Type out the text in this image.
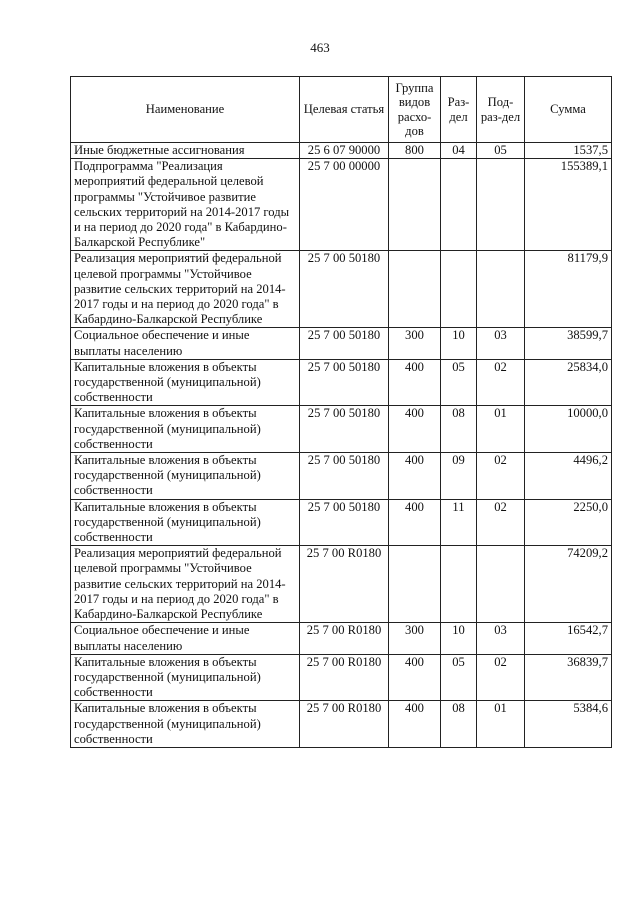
463
Наименование	Целевая статья	Группа видов расхо-дов	Раз-дел	Под-раз-дел	Сумма
Иные бюджетные ассигнования	25 6 07 90000	800	04	05	1537,5
Подпрограмма "Реализация мероприятий федеральной целевой программы "Устойчивое развитие сельских территорий на 2014-2017 годы и на период до 2020 года" в Кабардино-Балкарской Республике"	25 7 00 00000				155389,1
Реализация мероприятий федеральной целевой программы "Устойчивое развитие сельских территорий на 2014-2017 годы и на период до 2020 года" в Кабардино-Балкарской Республике	25 7 00 50180				81179,9
Социальное обеспечение и иные выплаты населению	25 7 00 50180	300	10	03	38599,7
Капитальные вложения в объекты государственной (муниципальной) собственности	25 7 00 50180	400	05	02	25834,0
Капитальные вложения в объекты государственной (муниципальной) собственности	25 7 00 50180	400	08	01	10000,0
Капитальные вложения в объекты государственной (муниципальной) собственности	25 7 00 50180	400	09	02	4496,2
Капитальные вложения в объекты государственной (муниципальной) собственности	25 7 00 50180	400	11	02	2250,0
Реализация мероприятий федеральной целевой программы "Устойчивое развитие сельских территорий на 2014-2017 годы и на период до 2020 года" в Кабардино-Балкарской Республике	25 7 00 R0180				74209,2
Социальное обеспечение и иные выплаты населению	25 7 00 R0180	300	10	03	16542,7
Капитальные вложения в объекты государственной (муниципальной) собственности	25 7 00 R0180	400	05	02	36839,7
Капитальные вложения в объекты государственной (муниципальной) собственности	25 7 00 R0180	400	08	01	5384,6
